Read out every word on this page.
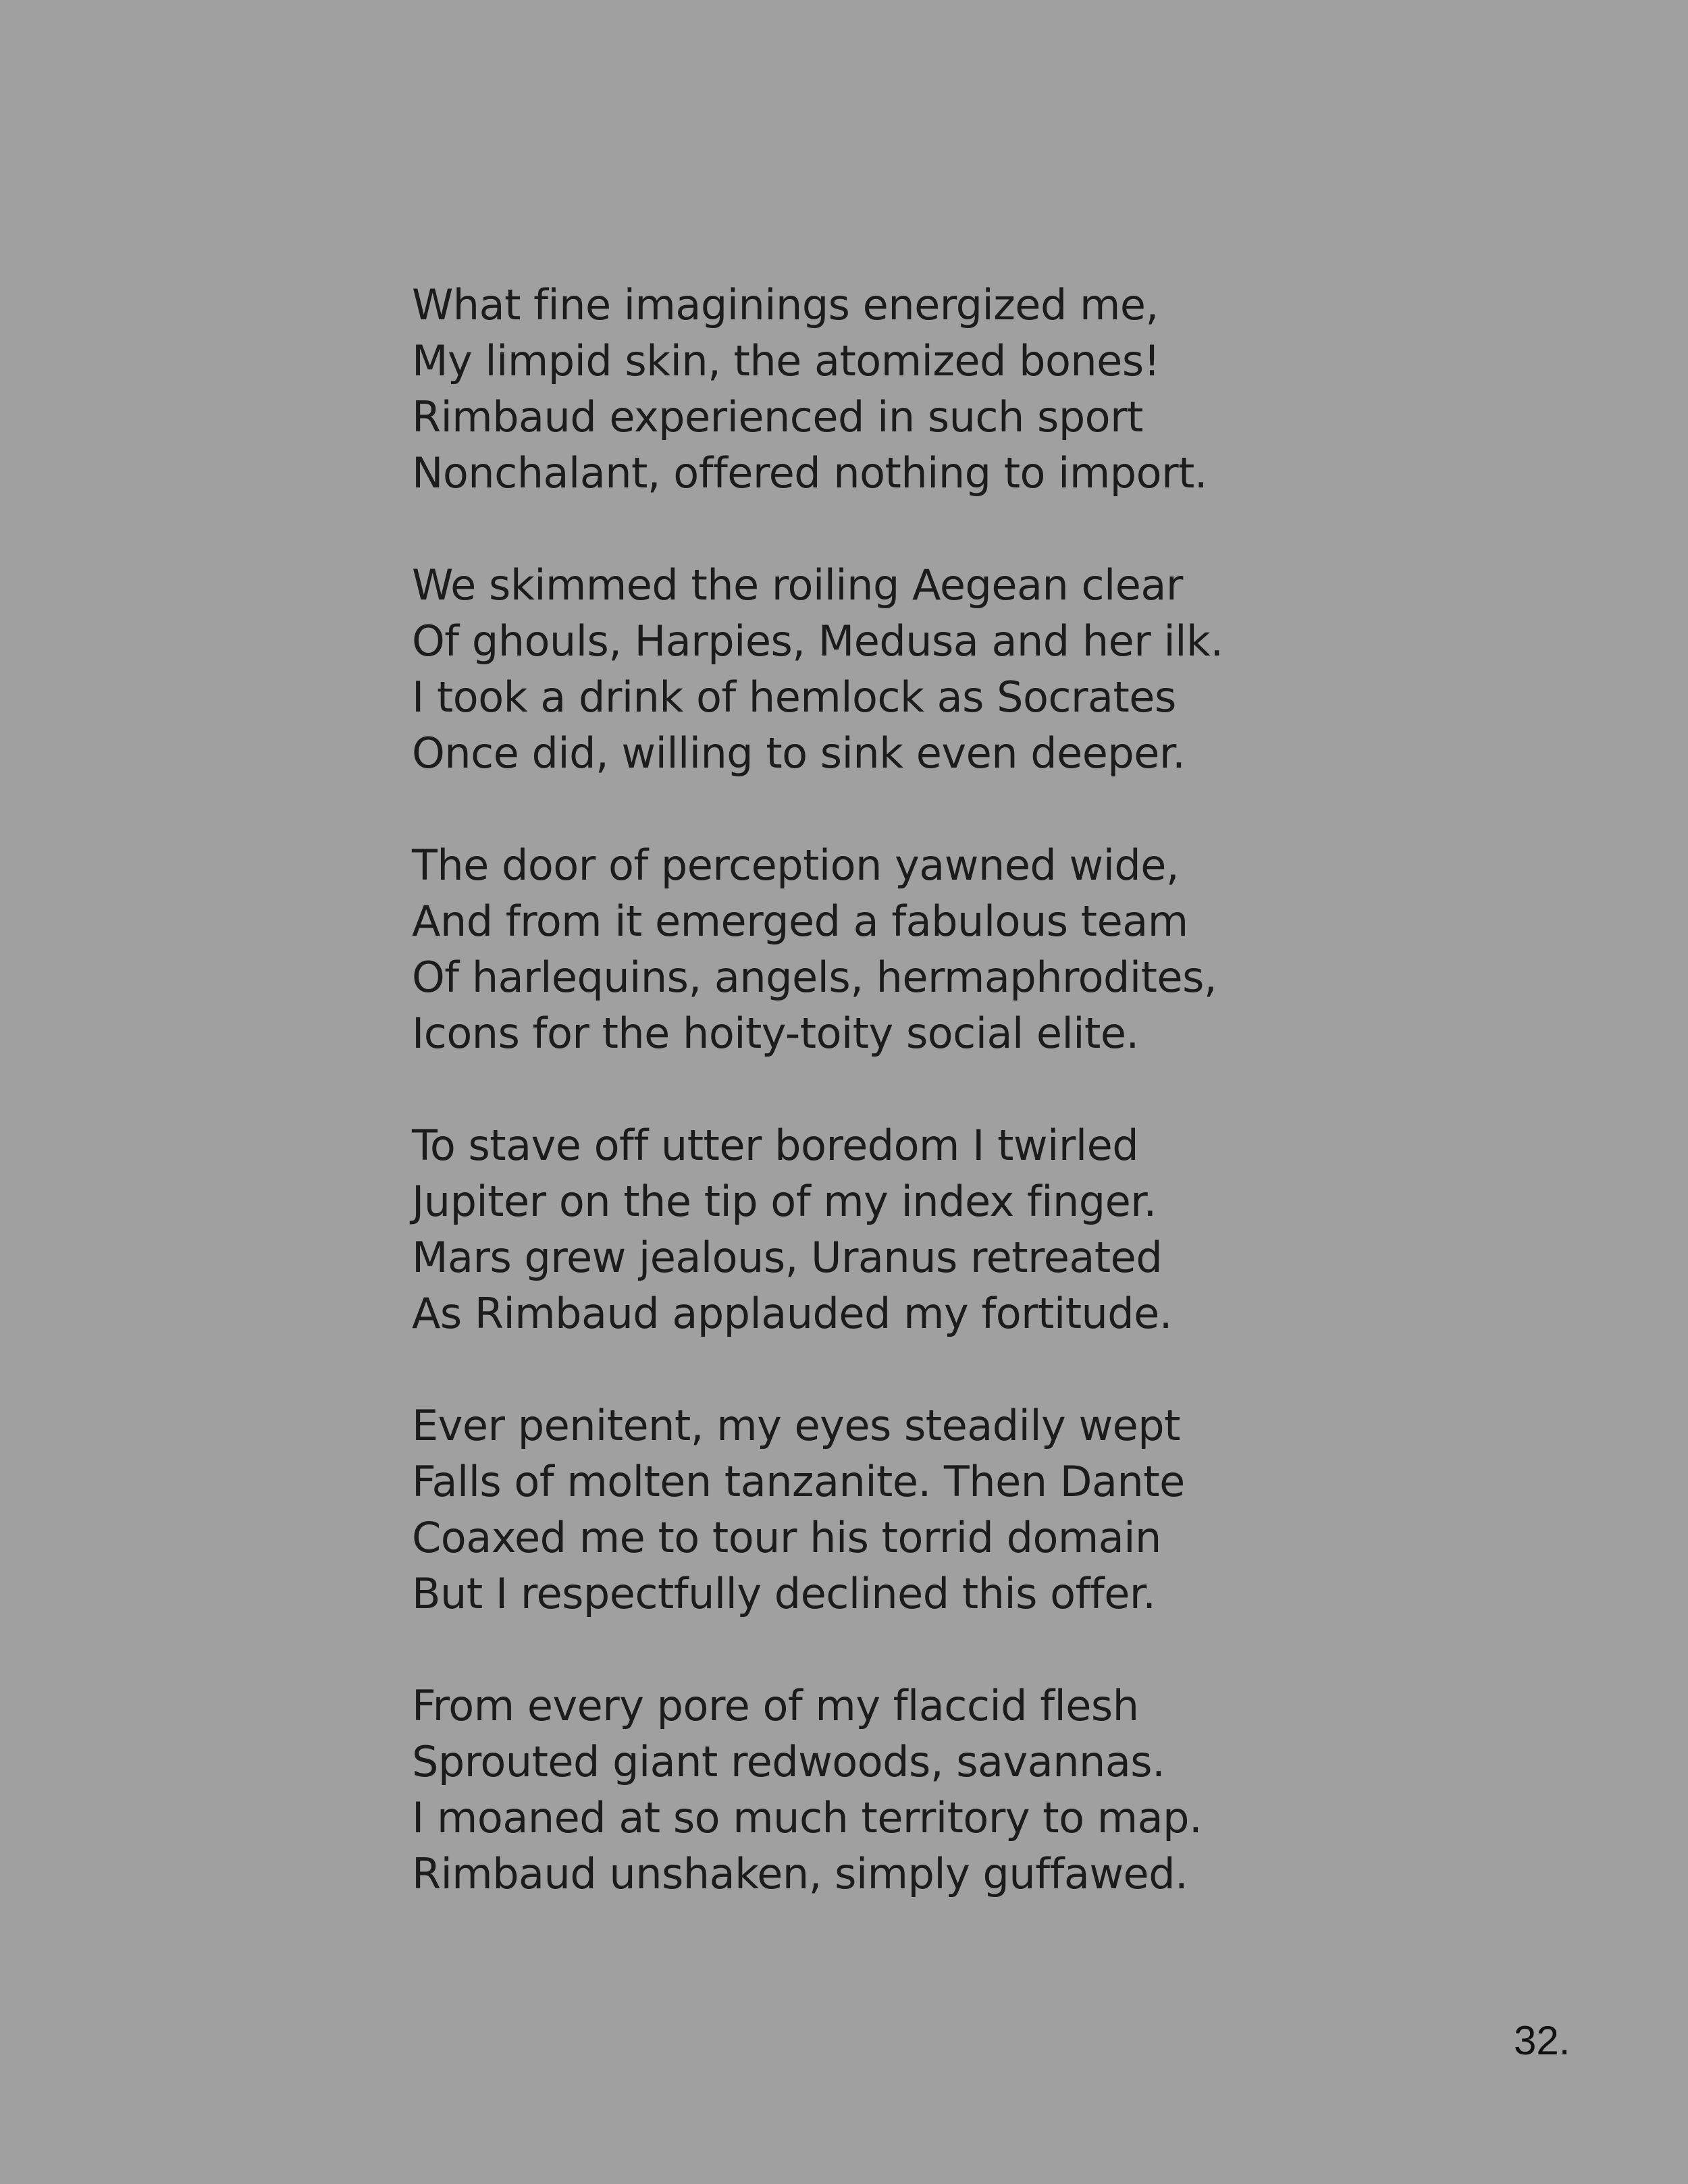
What fine imaginings energized me,
My limpid skin, the atomized bones!
Rimbaud experienced in such sport
Nonchalant, offered nothing to import.
We skimmed the roiling Aegean clear
Of ghouls, Harpies, Medusa and her ilk.
I took a drink of hemlock as Socrates
Once did, willing to sink even deeper.
The door of perception yawned wide,
And from it emerged a fabulous team
Of harlequins, angels, hermaphrodites,
Icons for the hoity-toity social elite.
To stave off utter boredom I twirled
Jupiter on the tip of my index finger.
Mars grew jealous, Uranus retreated
As Rimbaud applauded my fortitude.
Ever penitent, my eyes steadily wept
Falls of molten tanzanite. Then Dante
Coaxed me to tour his torrid domain
But I respectfully declined this offer.
From every pore of my flaccid flesh
Sprouted giant redwoods, savannas.
I moaned at so much territory to map.
Rimbaud unshaken, simply guffawed.
32.
